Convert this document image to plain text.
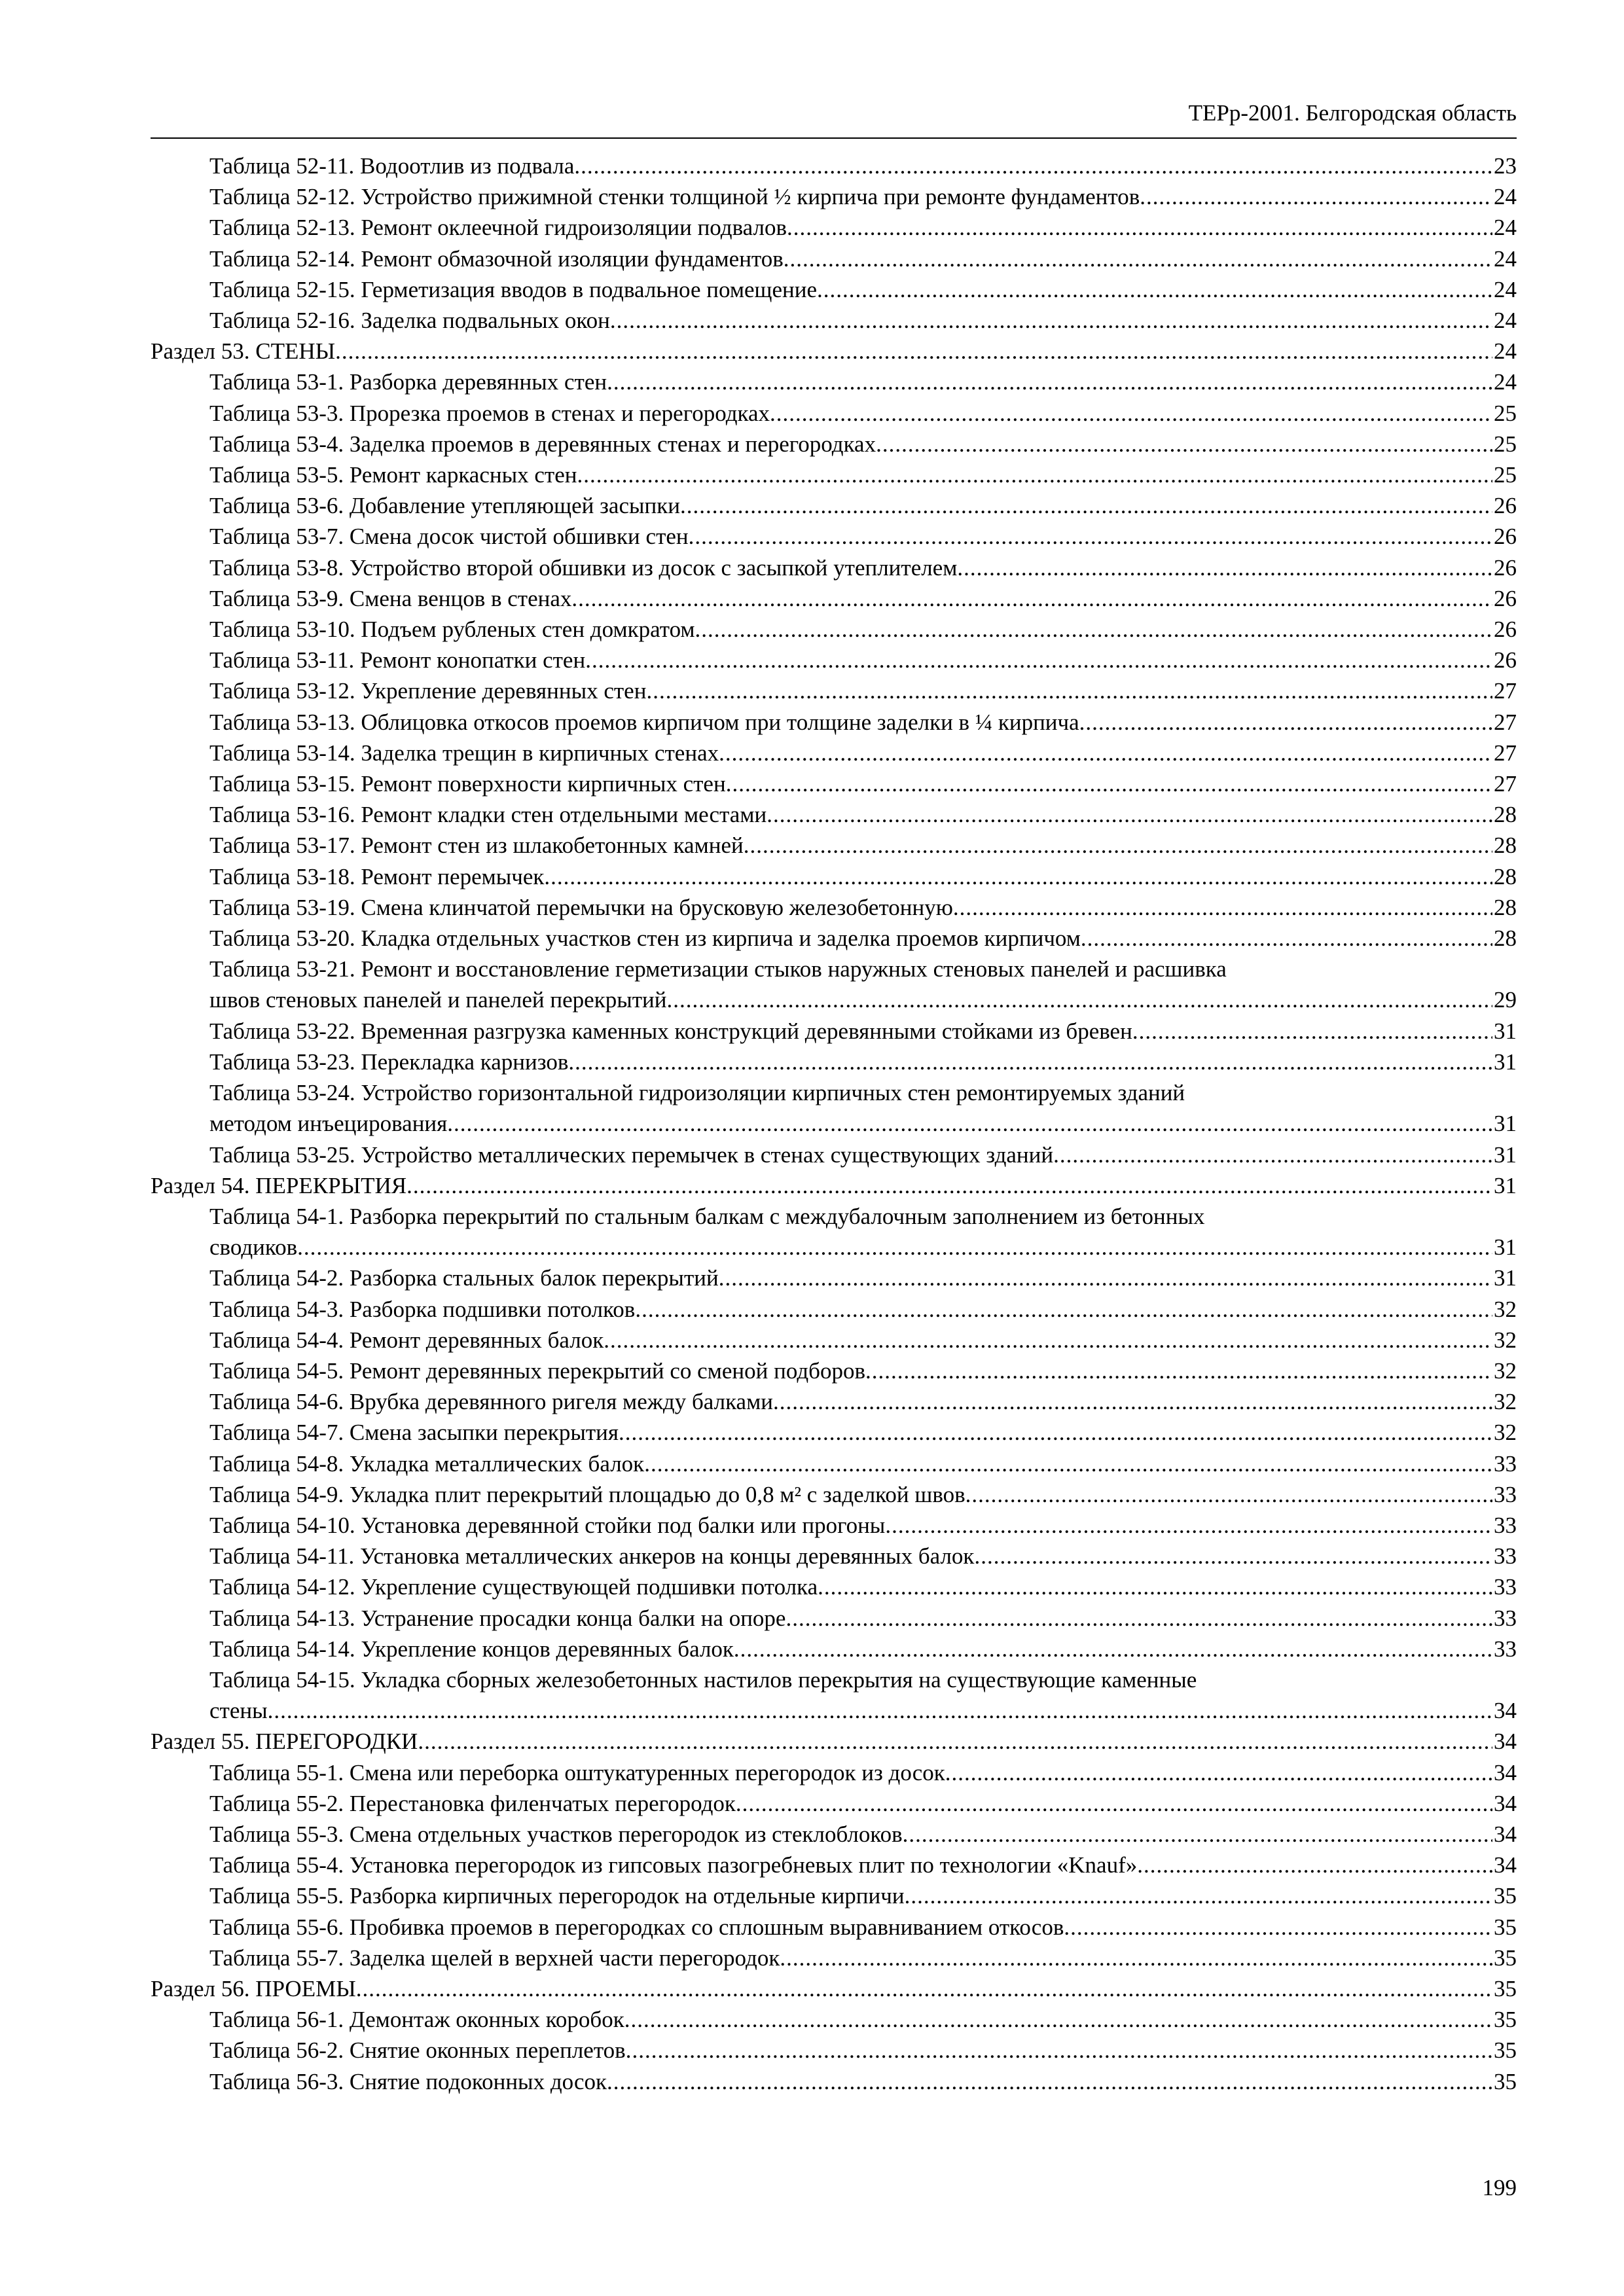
ТЕРр-2001. Белгородская область
Таблица 52-11. Водоотлив из подвала .....	23
Таблица 52-12. Устройство прижимной стенки толщиной ½ кирпича при ремонте фундаментов .....	24
Таблица 52-13. Ремонт оклеечной гидроизоляции подвалов .....	24
Таблица 52-14. Ремонт обмазочной изоляции фундаментов .....	24
Таблица 52-15. Герметизация вводов в подвальное помещение .....	24
Таблица 52-16. Заделка подвальных окон .....	24
Раздел 53. СТЕНЫ .....	24
Таблица 53-1. Разборка деревянных стен .....	24
Таблица 53-3. Прорезка проемов в стенах и перегородках .....	25
Таблица 53-4. Заделка проемов в деревянных стенах и перегородках .....	25
Таблица 53-5. Ремонт каркасных стен .....	25
Таблица 53-6. Добавление утепляющей засыпки .....	26
Таблица 53-7. Смена досок чистой обшивки стен .....	26
Таблица 53-8. Устройство второй обшивки из досок с засыпкой утеплителем .....	26
Таблица 53-9. Смена венцов в стенах .....	26
Таблица 53-10. Подъем рубленых стен домкратом .....	26
Таблица 53-11. Ремонт конопатки стен .....	26
Таблица 53-12. Укрепление деревянных стен .....	27
Таблица 53-13. Облицовка откосов проемов кирпичом при толщине заделки в ¼ кирпича .....	27
Таблица 53-14. Заделка трещин в кирпичных стенах .....	27
Таблица 53-15. Ремонт поверхности кирпичных стен .....	27
Таблица 53-16. Ремонт кладки стен отдельными местами .....	28
Таблица 53-17. Ремонт стен из шлакобетонных камней .....	28
Таблица 53-18. Ремонт перемычек .....	28
Таблица 53-19. Смена клинчатой перемычки на брусковую железобетонную .....	28
Таблица 53-20. Кладка отдельных участков стен из кирпича и заделка проемов кирпичом .....	28
Таблица 53-21. Ремонт и восстановление герметизации стыков наружных стеновых панелей и расшивка
швов стеновых панелей и панелей перекрытий .....	29
Таблица 53-22. Временная разгрузка каменных конструкций деревянными стойками из бревен .....	31
Таблица 53-23. Перекладка карнизов .....	31
Таблица 53-24. Устройство горизонтальной гидроизоляции кирпичных стен ремонтируемых зданий
методом инъецирования .....	31
Таблица 53-25. Устройство металлических перемычек в стенах существующих зданий .....	31
Раздел 54. ПЕРЕКРЫТИЯ .....	31
Таблица 54-1. Разборка перекрытий по стальным балкам с междубалочным заполнением из бетонных
сводиков .....	31
Таблица 54-2. Разборка стальных балок перекрытий .....	31
Таблица 54-3. Разборка подшивки потолков .....	32
Таблица 54-4. Ремонт деревянных балок .....	32
Таблица 54-5. Ремонт деревянных перекрытий со сменой подборов .....	32
Таблица 54-6. Врубка деревянного ригеля между балками .....	32
Таблица 54-7. Смена засыпки перекрытия .....	32
Таблица 54-8. Укладка металлических балок .....	33
Таблица 54-9. Укладка плит перекрытий площадью до 0,8 м² с заделкой швов .....	33
Таблица 54-10. Установка деревянной стойки под балки или прогоны .....	33
Таблица 54-11. Установка металлических анкеров на концы деревянных балок .....	33
Таблица 54-12. Укрепление существующей подшивки потолка .....	33
Таблица 54-13. Устранение просадки конца балки на опоре .....	33
Таблица 54-14. Укрепление концов деревянных балок .....	33
Таблица 54-15. Укладка сборных железобетонных настилов перекрытия на существующие каменные
стены .....	34
Раздел 55. ПЕРЕГОРОДКИ .....	34
Таблица 55-1. Смена или переборка оштукатуренных перегородок из досок .....	34
Таблица 55-2. Перестановка филенчатых перегородок .....	34
Таблица 55-3. Смена отдельных участков перегородок из стеклоблоков .....	34
Таблица 55-4. Установка перегородок из гипсовых пазогребневых плит по технологии «Knauf» .....	34
Таблица 55-5. Разборка кирпичных перегородок на отдельные кирпичи .....	35
Таблица 55-6. Пробивка проемов в перегородках со сплошным выравниванием откосов .....	35
Таблица 55-7. Заделка щелей в верхней части перегородок .....	35
Раздел 56. ПРОЕМЫ .....	35
Таблица 56-1. Демонтаж оконных коробок .....	35
Таблица 56-2. Снятие оконных переплетов .....	35
Таблица 56-3. Снятие подоконных досок .....	35
199
